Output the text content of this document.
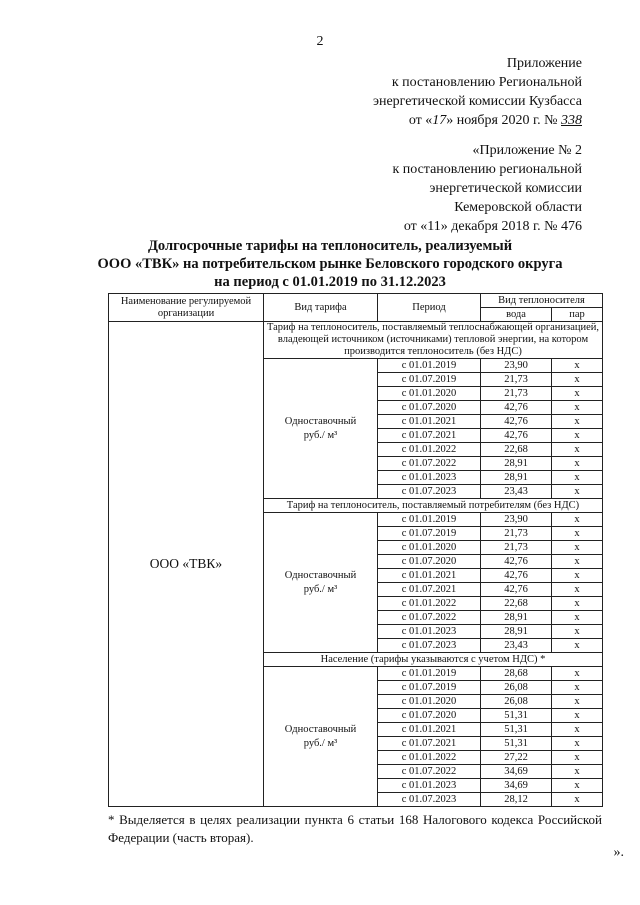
2
Приложение
к постановлению Региональной
энергетической комиссии Кузбасса
от «17» ноября 2020 г. № 338
«Приложение № 2
к постановлению региональной
энергетической комиссии
Кемеровской области
от «11» декабря 2018 г. № 476
Долгосрочные тарифы на теплоноситель, реализуемый
ООО «ТВК» на потребительском рынке Беловского городского округа
на период с 01.01.2019 по 31.12.2023
Наименование регулируемой организации	Вид тарифа	Период	Вид теплоносителя	
			вода	пар
ООО «ТВК»	Тариф на теплоноситель, поставляемый теплоснабжающей организацией, владеющей источником (источниками) тепловой энергии, на котором производится теплоноситель (без НДС)			

	Одноставочный
руб./ м³	с 01.01.2019	23,90	х
		с 01.07.2019	21,73	х
		с 01.01.2020	21,73	х
		с 01.07.2020	42,76	х
		с 01.01.2021	42,76	х
		с 01.07.2021	42,76	х
		с 01.01.2022	22,68	х
		с 01.07.2022	28,91	х
		с 01.01.2023	28,91	х
		с 01.07.2023	23,43	х
	Тариф на теплоноситель, поставляемый потребителям (без НДС)			

	Одноставочный
руб./ м³	с 01.01.2019	23,90	х
		с 01.07.2019	21,73	х
		с 01.01.2020	21,73	х
		с 01.07.2020	42,76	х
		с 01.01.2021	42,76	х
		с 01.07.2021	42,76	х
		с 01.01.2022	22,68	х
		с 01.07.2022	28,91	х
		с 01.01.2023	28,91	х
		с 01.07.2023	23,43	х
	Население (тарифы указываются с учетом НДС) *			

	Одноставочный
руб./ м³	с 01.01.2019	28,68	х
		с 01.07.2019	26,08	х
		с 01.01.2020	26,08	х
		с 01.07.2020	51,31	х
		с 01.01.2021	51,31	х
		с 01.07.2021	51,31	х
		с 01.01.2022	27,22	х
		с 01.07.2022	34,69	х
		с 01.01.2023	34,69	х
		с 01.07.2023	28,12	х
* Выделяется в целях реализации пункта 6 статьи 168 Налогового кодекса Российской Федерации (часть вторая).
».
